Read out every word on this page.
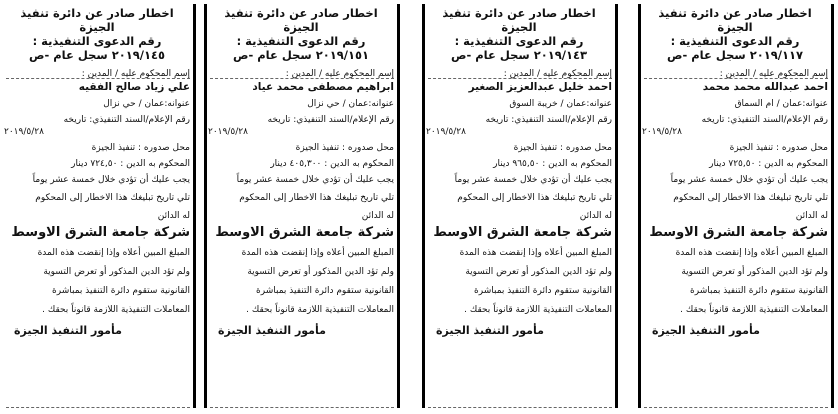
اخطار صادر عن دائرة تنفيذ الجيزة

رقم الدعوى التنفيذية :

٢٠١٩/١١٧ سجل عام -ص

إسم المحكوم عليه / المدين :

احمد عبدالله محمد محمد

عنوانه:عمان / ام السماق

رقم الإعلام/السند التنفيذي: تاريخه

٢٠١٩/٥/٢٨

محل صدوره : تنفيذ الجيزة

المحكوم به الدين : ٧٢٥,٥٠ دينار

يجب عليك أن تؤدي خلال خمسة عشر يوماً

تلي تاريخ تبليغك هذا الاخطار إلى المحكوم

له الدائن

شركة جامعة الشرق الاوسط

المبلغ المبين أعلاه وإذا إنقضت هذه المدة

ولم تؤد الدين المذكور أو تعرض التسوية

القانونية ستقوم دائرة التنفيذ بمباشرة

المعاملات التنفيذية اللازمة قانوناً بحقك .

مأمور التنفيذ الجيزة

اخطار صادر عن دائرة تنفيذ الجيزة

رقم الدعوى التنفيذية :

٢٠١٩/١٤٣ سجل عام -ص

إسم المحكوم عليه / المدين :

احمد خليل عبدالعزيز الصغير

عنوانه:عمان / خريبة السوق

رقم الإعلام/السند التنفيذي: تاريخه

٢٠١٩/٥/٢٨

محل صدوره : تنفيذ الجيزة

المحكوم به الدين : ٩٦٥,٥٠ دينار

يجب عليك أن تؤدي خلال خمسة عشر يوماً

تلي تاريخ تبليغك هذا الاخطار إلى المحكوم

له الدائن

شركة جامعة الشرق الاوسط

المبلغ المبين أعلاه وإذا إنقضت هذه المدة

ولم تؤد الدين المذكور أو تعرض التسوية

القانونية ستقوم دائرة التنفيذ بمباشرة

المعاملات التنفيذية اللازمة قانوناً بحقك .

مأمور التنفيذ الجيزة

اخطار صادر عن دائرة تنفيذ الجيزة

رقم الدعوى التنفيذية :

٢٠١٩/١٥١ سجل عام -ص

إسم المحكوم عليه / المدين :

ابراهيم مصطفى محمد عياد

عنوانه:عمان / حي نزال

رقم الإعلام/السند التنفيذي: تاريخه

٢٠١٩/٥/٢٨

محل صدوره : تنفيذ الجيزة

المحكوم به الدين : ٤٠٥,٣٠٠ دينار

يجب عليك أن تؤدي خلال خمسة عشر يوماً

تلي تاريخ تبليغك هذا الاخطار إلى المحكوم

له الدائن

شركة جامعة الشرق الاوسط

المبلغ المبين أعلاه وإذا إنقضت هذه المدة

ولم تؤد الدين المذكور أو تعرض التسوية

القانونية ستقوم دائرة التنفيذ بمباشرة

المعاملات التنفيذية اللازمة قانوناً بحقك .

مأمور التنفيذ الجيزة

اخطار صادر عن دائرة تنفيذ الجيزة

رقم الدعوى التنفيذية :

٢٠١٩/١٤٥ سجل عام -ص

إسم المحكوم عليه / المدين :

علي زياد صالح الفقيه

عنوانه:عمان / حي نزال

رقم الإعلام/السند التنفيذي: تاريخه

٢٠١٩/٥/٢٨

محل صدوره : تنفيذ الجيزة

المحكوم به الدين : ٧٢٤,٥٠ دينار

يجب عليك أن تؤدي خلال خمسة عشر يوماً

تلي تاريخ تبليغك هذا الاخطار إلى المحكوم

له الدائن

شركة جامعة الشرق الاوسط

المبلغ المبين أعلاه وإذا إنقضت هذه المدة

ولم تؤد الدين المذكور أو تعرض التسوية

القانونية ستقوم دائرة التنفيذ بمباشرة

المعاملات التنفيذية اللازمة قانوناً بحقك .

مأمور التنفيذ الجيزة
